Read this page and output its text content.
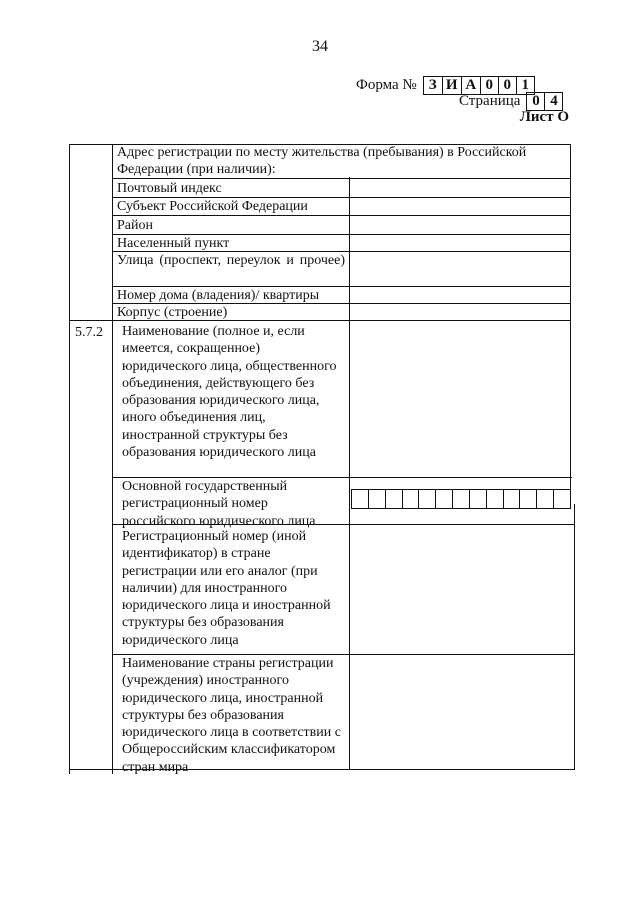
34
Форма № З И А 0 0 1
Страница 0 4
Лист О
Адрес регистрации по месту жительства (пребывания) в Российской Федерации (при наличии):
Почтовый индекс
Субъект Российской Федерации
Район
Населенный пункт
Улица (проспект, переулок и прочее)
Номер дома (владения)/ квартиры
Корпус (строение)
5.7.2 Наименование (полное и, если имеется, сокращенное) юридического лица, общественного объединения, действующего без образования юридического лица, иного объединения лиц, иностранной структуры без образования юридического лица
Основной государственный регистрационный номер российского юридического лица
Регистрационный номер (иной идентификатор) в стране регистрации или его аналог (при наличии) для иностранного юридического лица и иностранной структуры без образования юридического лица
Наименование страны регистрации (учреждения) иностранного юридического лица, иностранной структуры без образования юридического лица в соответствии с Общероссийским классификатором стран мира
